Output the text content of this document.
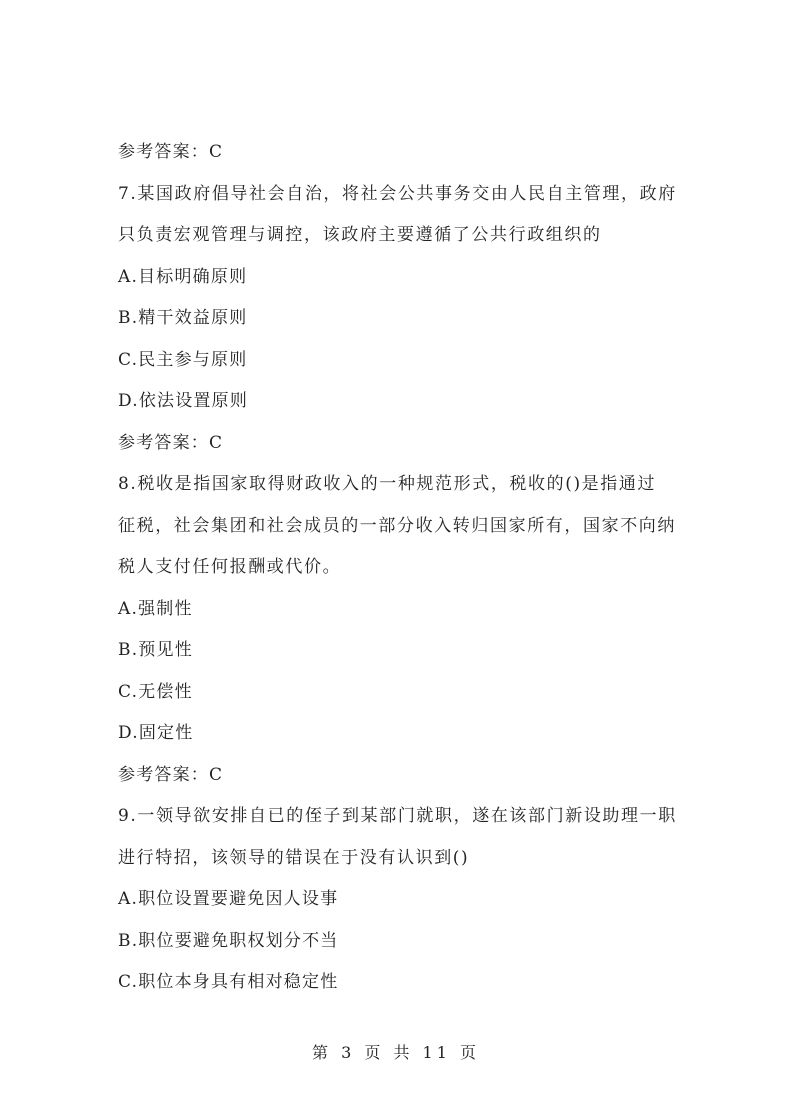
参考答案：C
7.某国政府倡导社会自治，将社会公共事务交由人民自主管理，政府
只负责宏观管理与调控，该政府主要遵循了公共行政组织的
A.目标明确原则
B.精干效益原则
C.民主参与原则
D.依法设置原则
参考答案：C
8.税收是指国家取得财政收入的一种规范形式，税收的()是指通过
征税，社会集团和社会成员的一部分收入转归国家所有，国家不向纳
税人支付任何报酬或代价。
A.强制性
B.预见性
C.无偿性
D.固定性
参考答案：C
9.一领导欲安排自已的侄子到某部门就职，遂在该部门新设助理一职
进行特招，该领导的错误在于没有认识到()
A.职位设置要避免因人设事
B.职位要避免职权划分不当
C.职位本身具有相对稳定性
第 3 页 共 11 页
